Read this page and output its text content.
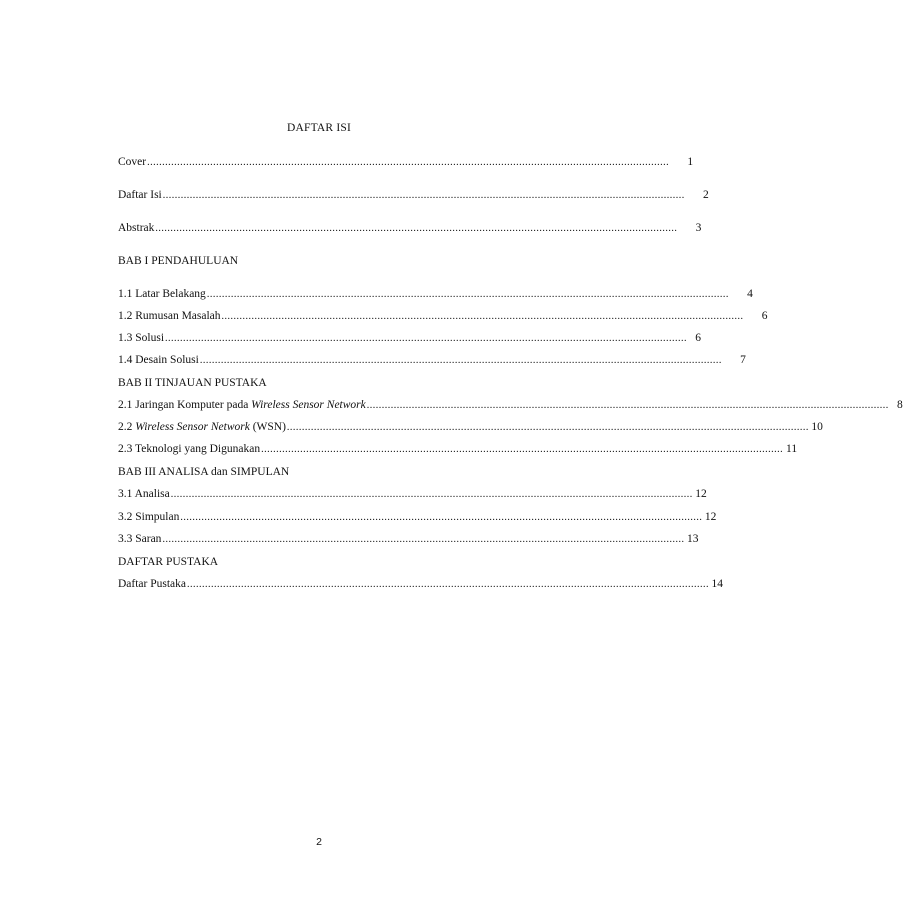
DAFTAR ISI
Cover ..............................................................................................................................................................................	1
Daftar Isi ..............................................................................................................................................................................	2
Abstrak ..............................................................................................................................................................................	3
BAB I PENDAHULUAN
1.1 Latar Belakang ..............................................................................................................................................................................	4
1.2 Rumusan Masalah ..............................................................................................................................................................................	6
1.3 Solusi .............................................................................................................................................................................. 6
1.4 Desain Solusi ..............................................................................................................................................................................	7
BAB II TINJAUAN PUSTAKA
2.1 Jaringan Komputer pada Wireless Sensor Network .............................................................................................................................................................................. 8
2.2 Wireless Sensor Network (WSN) .............................................................................................................................................................................. 10
2.3 Teknologi yang Digunakan .............................................................................................................................................................................. 11
BAB III ANALISA dan SIMPULAN
3.1 Analisa .............................................................................................................................................................................. 12
3.2 Simpulan .............................................................................................................................................................................. 12
3.3 Saran .............................................................................................................................................................................. 13
DAFTAR PUSTAKA
Daftar Pustaka .............................................................................................................................................................................. 14
2
